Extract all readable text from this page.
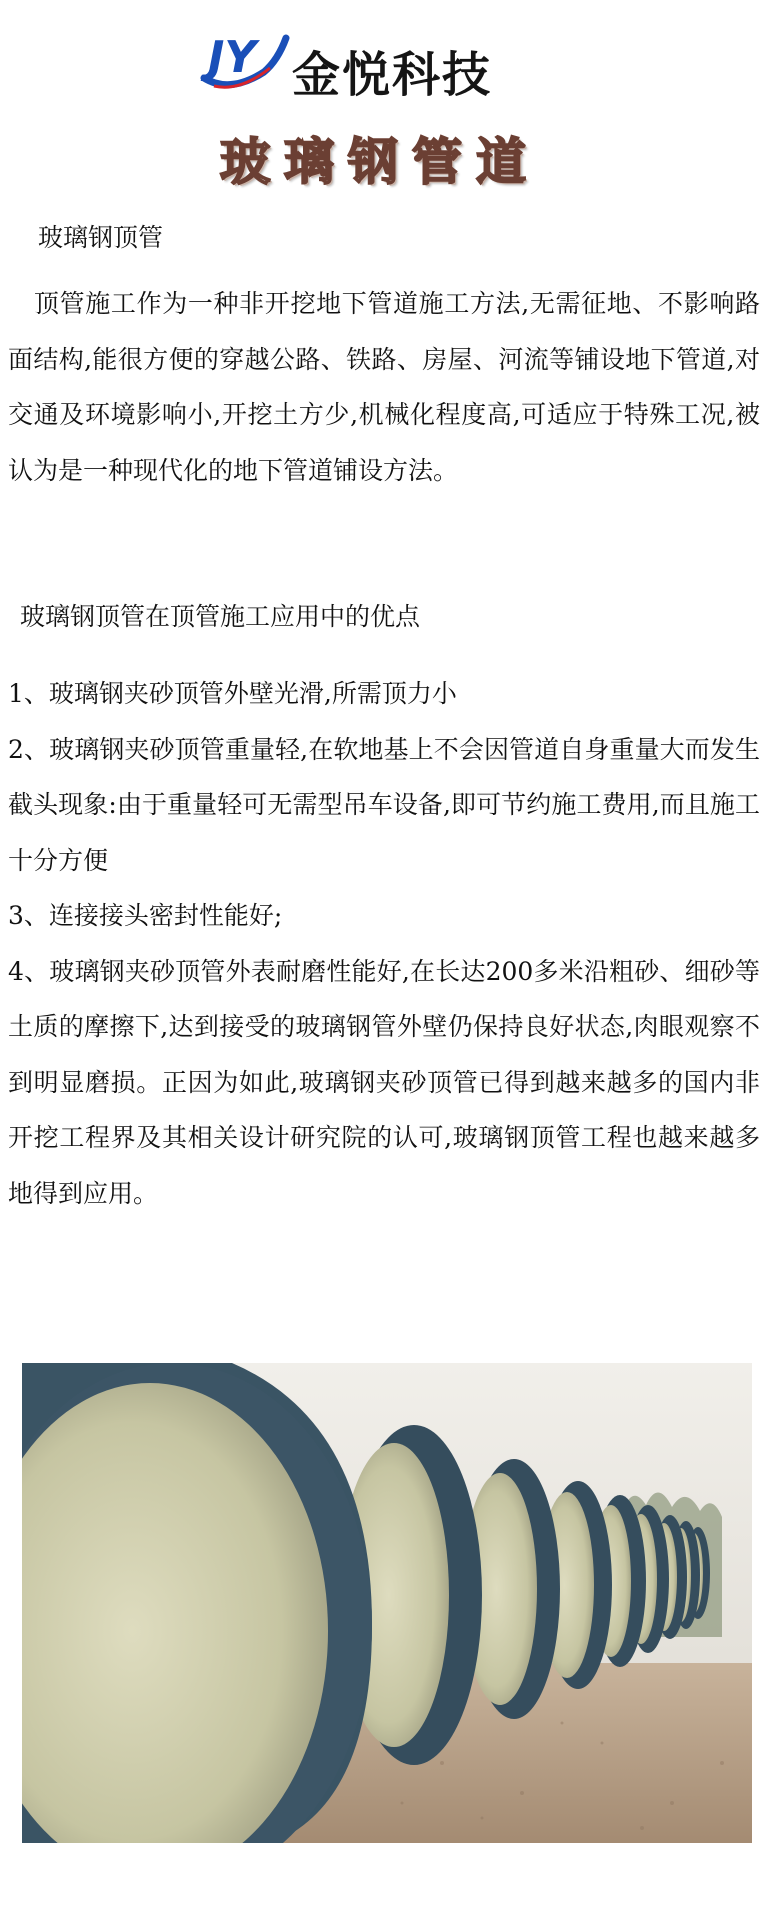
JY 金悦科技
玻璃钢管道
玻璃钢顶管

顶管施工作为一种非开挖地下管道施工方法,无需征地、不影响路面结构,能很方便的穿越公路、铁路、房屋、河流等铺设地下管道,对交通及环境影响小,开挖土方少,机械化程度高,可适应于特殊工况,被认为是一种现代化的地下管道铺设方法。

玻璃钢顶管在顶管施工应用中的优点

1、玻璃钢夹砂顶管外壁光滑,所需顶力小

2、玻璃钢夹砂顶管重量轻,在软地基上不会因管道自身重量大而发生截头现象:由于重量轻可无需型吊车设备,即可节约施工费用,而且施工十分方便

3、连接接头密封性能好;

4、玻璃钢夹砂顶管外表耐磨性能好,在长达200多米沿粗砂、细砂等土质的摩擦下,达到接受的玻璃钢管外壁仍保持良好状态,肉眼观察不到明显磨损。正因为如此,玻璃钢夹砂顶管已得到越来越多的国内非开挖工程界及其相关设计研究院的认可,玻璃钢顶管工程也越来越多地得到应用。
